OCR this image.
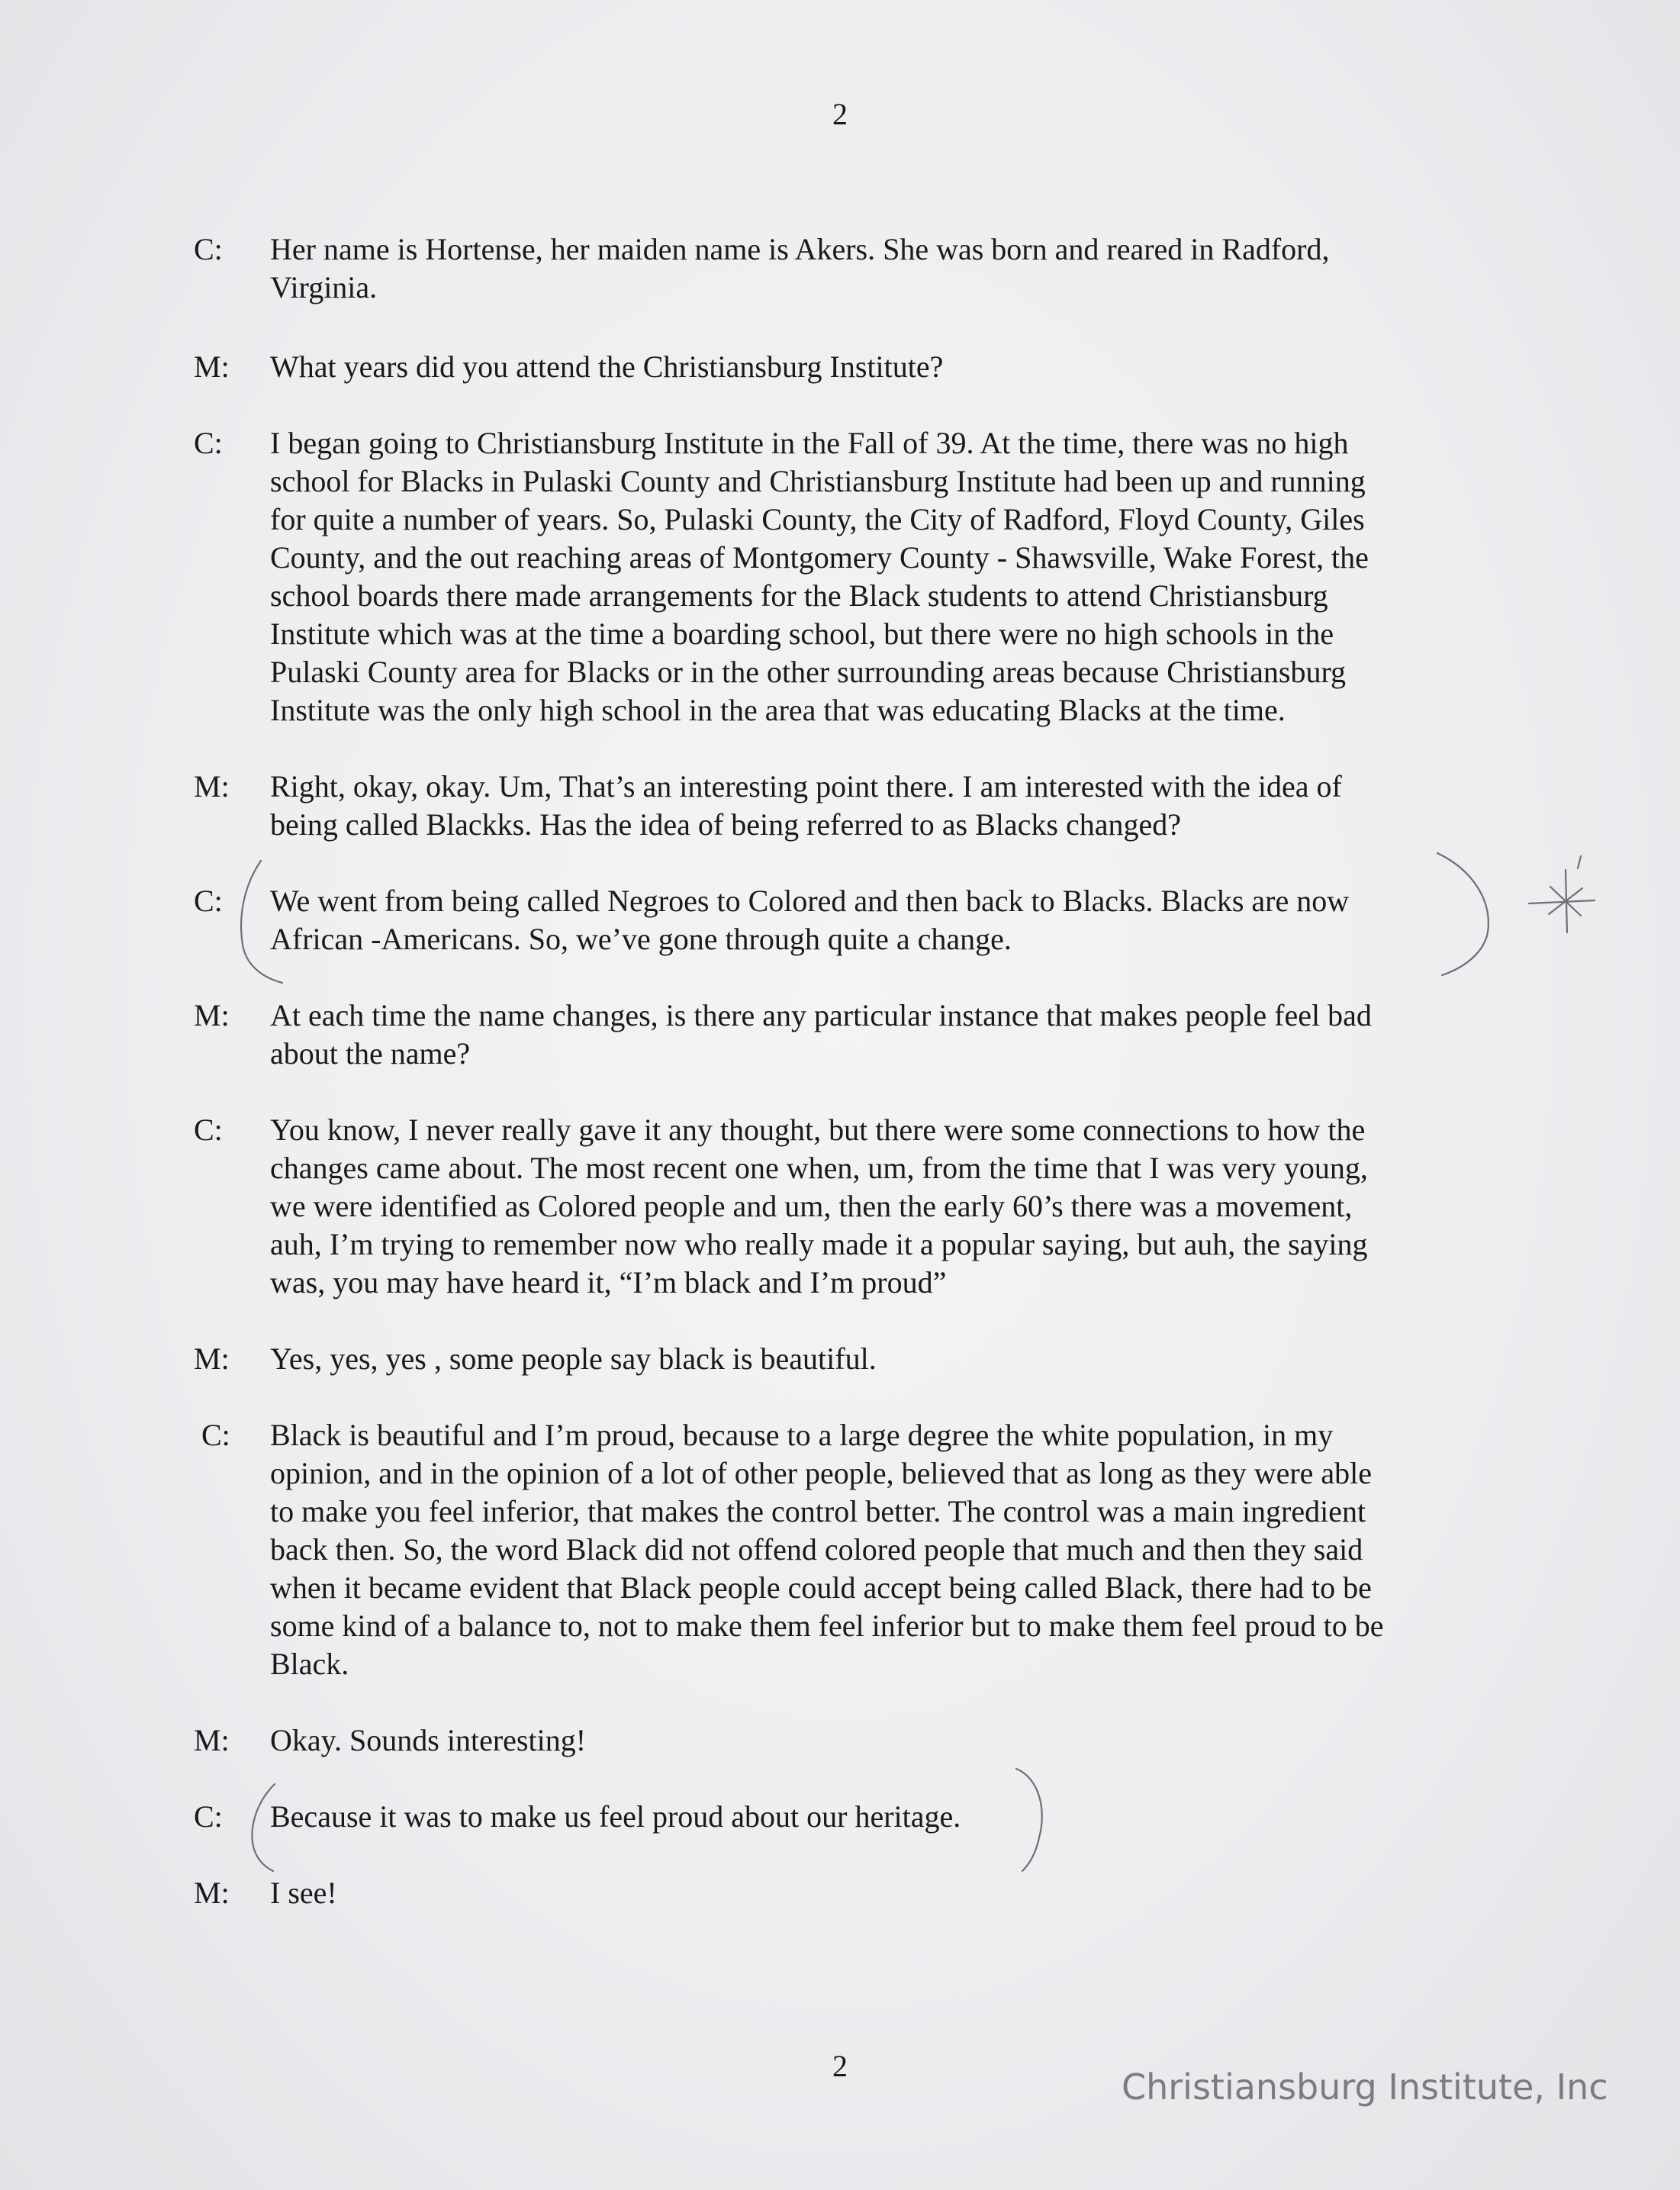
2
C: Her name is Hortense, her maiden name is Akers. She was born and reared in Radford,
Virginia.
M: What years did you attend the Christiansburg Institute?
C: I began going to Christiansburg Institute in the Fall of 39. At the time, there was no high
school for Blacks in Pulaski County and Christiansburg Institute had been up and running
for quite a number of years. So, Pulaski County, the City of Radford, Floyd County, Giles
County, and the out reaching areas of Montgomery County - Shawsville, Wake Forest, the
school boards there made arrangements for the Black students to attend Christiansburg
Institute which was at the time a boarding school, but there were no high schools in the
Pulaski County area for Blacks or in the other surrounding areas because Christiansburg
Institute was the only high school in the area that was educating Blacks at the time.
M: Right, okay, okay. Um, That’s an interesting point there. I am interested with the idea of
being called Blackks. Has the idea of being referred to as Blacks changed?
C: We went from being called Negroes to Colored and then back to Blacks. Blacks are now
African -Americans. So, we’ve gone through quite a change.
M: At each time the name changes, is there any particular instance that makes people feel bad
about the name?
C: You know, I never really gave it any thought, but there were some connections to how the
changes came about. The most recent one when, um, from the time that I was very young,
we were identified as Colored people and um, then the early 60’s there was a movement,
auh, I’m trying to remember now who really made it a popular saying, but auh, the saying
was, you may have heard it, “I’m black and I’m proud”
M: Yes, yes, yes , some people say black is beautiful.
C: Black is beautiful and I’m proud, because to a large degree the white population, in my
opinion, and in the opinion of a lot of other people, believed that as long as they were able
to make you feel inferior, that makes the control better. The control was a main ingredient
back then. So, the word Black did not offend colored people that much and then they said
when it became evident that Black people could accept being called Black, there had to be
some kind of a balance to, not to make them feel inferior but to make them feel proud to be
Black.
M: Okay. Sounds interesting!
C: Because it was to make us feel proud about our heritage.
M: I see!
2
Christiansburg Institute, Inc
